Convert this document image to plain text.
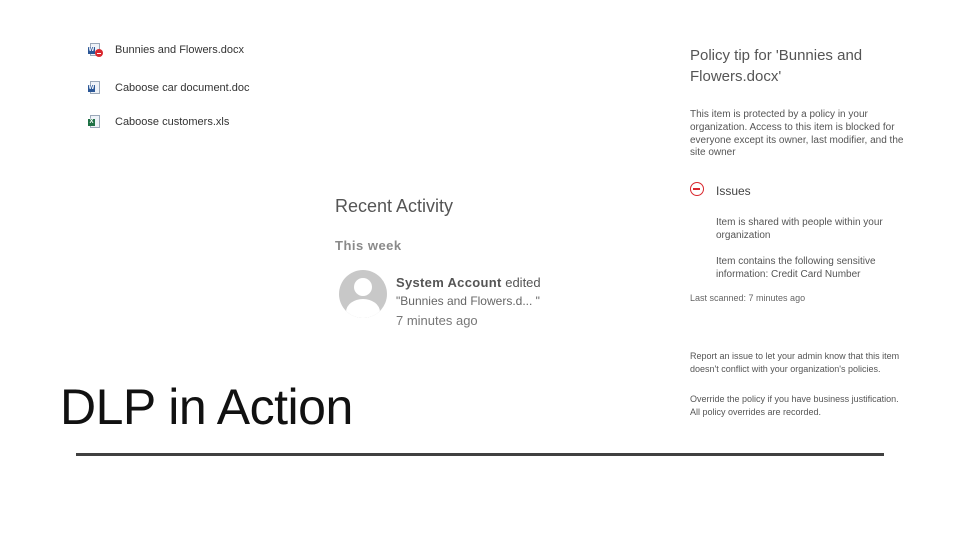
W Bunnies and Flowers.docx
W Caboose car document.doc
X Caboose customers.xls
Recent Activity
This week
System Account edited
"Bunnies and Flowers.d... "
7 minutes ago
DLP in Action
Policy tip for 'Bunnies and Flowers.docx'
This item is protected by a policy in your organization. Access to this item is blocked for everyone except its owner, last modifier, and the site owner
Issues
Item is shared with people within your organization
Item contains the following sensitive information: Credit Card Number
Last scanned: 7 minutes ago
Report an issue to let your admin know that this item doesn't conflict with your organization's policies.
Override the policy if you have business justification. All policy overrides are recorded.
